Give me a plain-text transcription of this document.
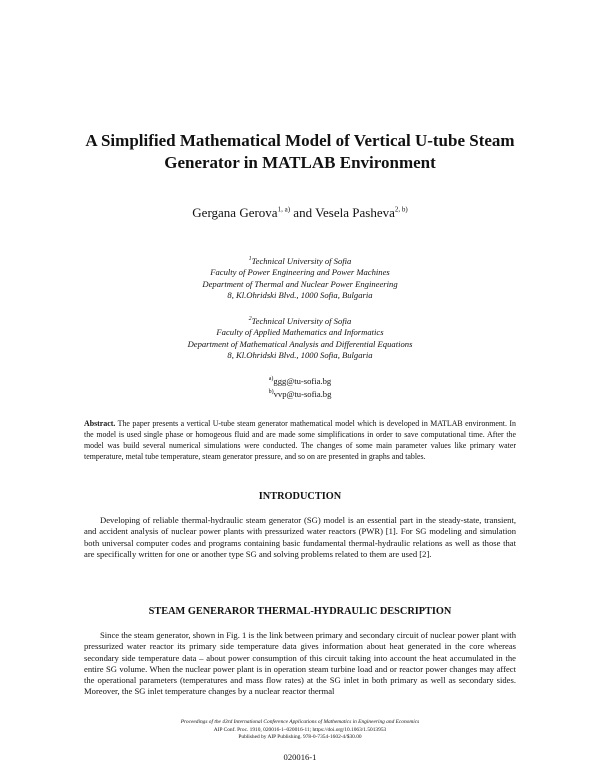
A Simplified Mathematical Model of Vertical U-tube Steam
Generator in MATLAB Environment
Gergana Gerova$^{1, a)}$ and Vesela Pasheva$^{2, b)}$
$^1$Technical University of Sofia
Faculty of Power Engineering and Power Machines
Department of Thermal and Nuclear Power Engineering
8, Kl.Ohridski Blvd., 1000 Sofia, Bulgaria
$^2$Technical University of Sofia
Faculty of Applied Mathematics and Informatics
Department of Mathematical Analysis and Differential Equations
8, Kl.Ohridski Blvd., 1000 Sofia, Bulgaria
$^{a)}$ggg@tu-sofia.bg
$^{b)}$vvp@tu-sofia.bg
Abstract. The paper presents a vertical U-tube steam generator mathematical model which is developed in MATLAB environment. In the model is used single phase or homogeous fluid and are made some simplifications in order to save computational time. After the model was build several numerical simulations were conducted. The changes of some main parameter values like primary water temperature, metal tube temperature, steam generator pressure, and so on are presented in graphs and tables.
INTRODUCTION
Developing of reliable thermal-hydraulic steam generator (SG) model is an essential part in the steady-state, transient, and accident analysis of nuclear power plants with pressurized water reactors (PWR) [1]. For SG modeling and simulation both universal computer codes and programs containing basic fundamental thermal-hydraulic relations as well as those that are specifically written for one or another type SG and solving problems related to them are used [2].
STEAM GENERARОR THERMAL-HYDRAULIC DESCRIPTION
Since the steam generator, shown in Fig. 1 is the link between primary and secondary circuit of nuclear power plant with pressurized water reactor its primary side temperature data gives information about heat generated in the core whereas secondary side temperature data – about power consumption of this circuit taking into account the heat accumulated in the entire SG volume. When the nuclear power plant is in operation steam turbine load and or reactor power changes may affect the operational parameters (temperatures and mass flow rates) at the SG inlet in both primary as well as secondary sides. Moreover, the SG inlet temperature changes by a nuclear reactor thermal
Proceedings of the 43rd International Conference Applications of Mathematics in Engineering and Economics
AIP Conf. Proc. 1910, 020016-1–020016-11; https://doi.org/10.1063/1.5013953
Published by AIP Publishing. 978-0-7354-1602-4/$30.00
020016-1
